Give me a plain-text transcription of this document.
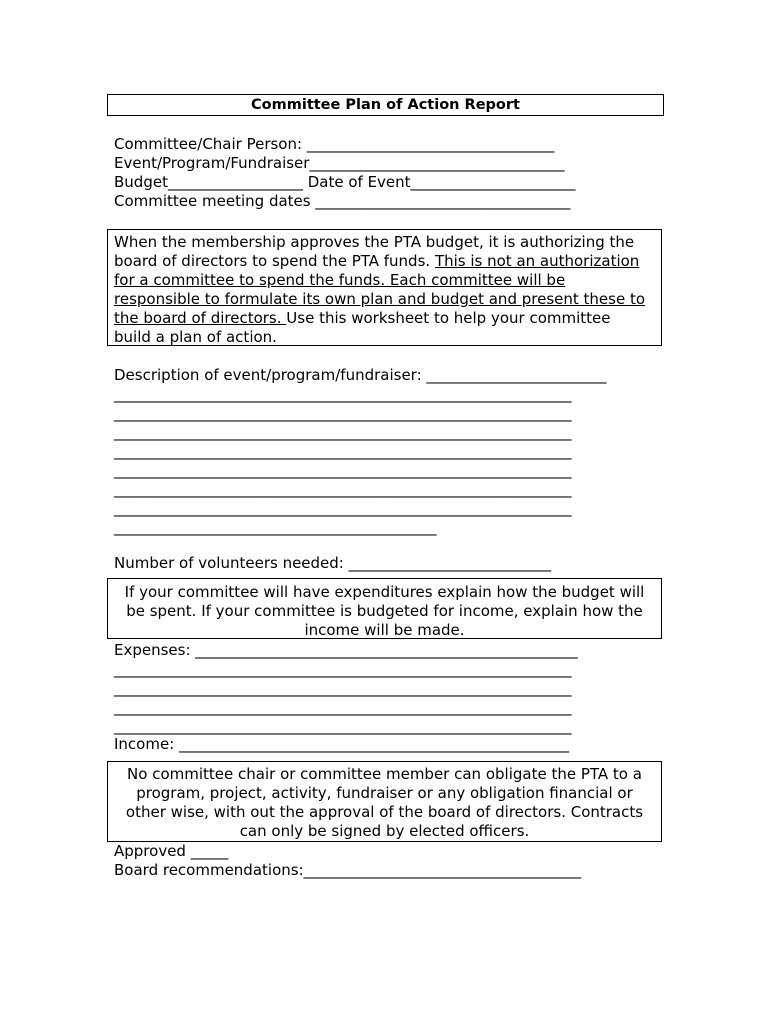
Committee Plan of Action Report
Committee/Chair Person: _________________________________
Event/Program/Fundraiser__________________________________
Budget__________________ Date of Event______________________
Committee meeting dates __________________________________

When the membership approves the PTA budget, it is authorizing the

board of directors to spend the PTA funds. This is not an authorization

for a committee to spend the funds. Each committee will be

responsible to formulate its own plan and budget and present these to

the board of directors. Use this worksheet to help your committee

build a plan of action.

Description of event/program/fundraiser: ________________________
_____________________________________________________________
_____________________________________________________________
_____________________________________________________________
_____________________________________________________________
_____________________________________________________________
_____________________________________________________________
_____________________________________________________________
___________________________________________
Number of volunteers needed: ___________________________

If your committee will have expenditures explain how the budget will

be spent. If your committee is budgeted for income, explain how the

income will be made.

Expenses: ___________________________________________________
_____________________________________________________________
_____________________________________________________________
_____________________________________________________________
_____________________________________________________________
Income: ____________________________________________________

No committee chair or committee member can obligate the PTA to a

program, project, activity, fundraiser or any obligation financial or

other wise, with out the approval of the board of directors. Contracts

can only be signed by elected officers.

Approved _____
Board recommendations:_____________________________________
